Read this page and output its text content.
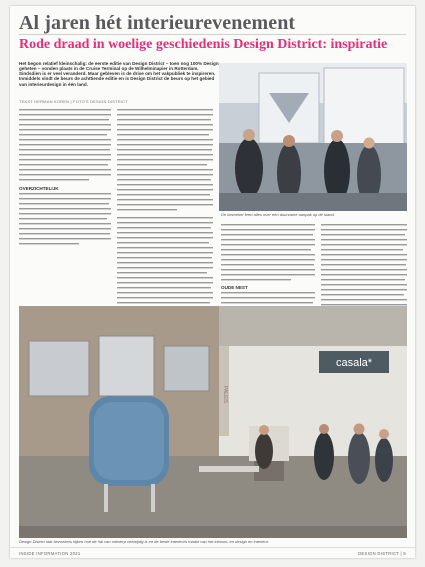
Al jaren hét interieurevenement
Rode draad in woelige geschiedenis Design District: inspiratie

Het begon relatief kleinschalig: de eerste editie van Design District – toen nog 100% Design geheten – vonden plaats in de Cruise Terminal op de Wilhelminapier in Rotterdam. Sindsdien is er veel veranderd. Maar gebleven is de drive om het vakpubliek te inspireren. Inmiddels vindt de beurs de achttiende editie en is Design District de beurs op het gebied van interieurdesign in één land.

TEKST HERMAN KOREN | FOTO'S DESIGN DISTRICT
OVERZICHTELIJK
De bezoeker leert alles over een duurzame aanpak op de stand.
OUDE NEST
casala*
PALEIS
Design District laat bezoekers kijken hoe de hal van ontwerp veelzijdig is en de beste interieurs maakt van het inbouw- en design en interieur.
INSIDE INFORMATION 2021	DESIGN DISTRICT | 5
